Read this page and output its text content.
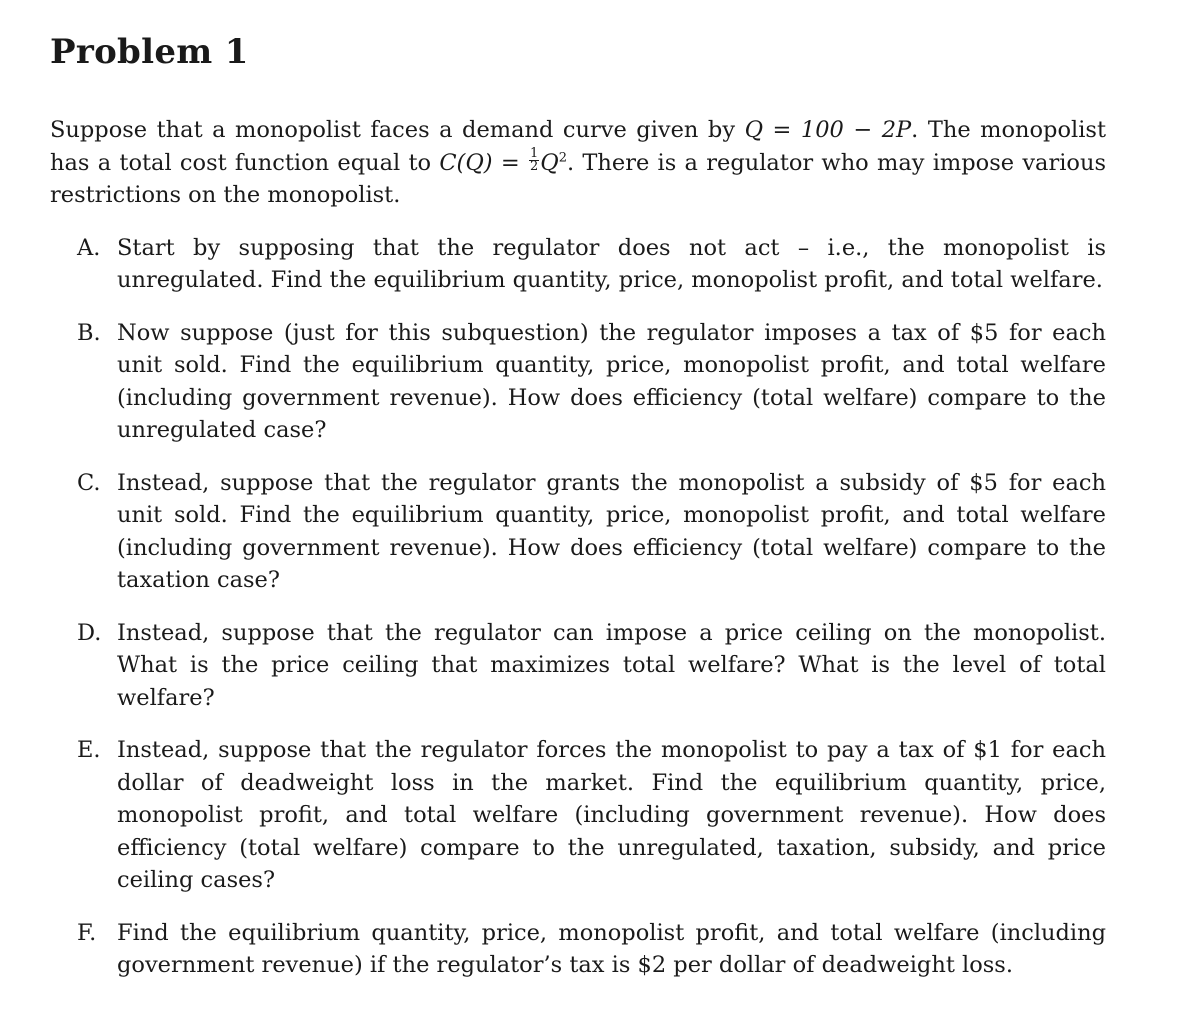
Problem 1

Suppose that a monopolist faces a demand curve given by Q = 100 − 2P. The monopolist has a total cost function equal to $C(Q) = \frac{1}{2} Q^2$. There is a regulator who may impose various restrictions on the monopolist.

A. Start by supposing that the regulator does not act – i.e., the monopolist is unregulated. Find the equilibrium quantity, price, monopolist profit, and total welfare.
B. Now suppose (just for this subquestion) the regulator imposes a tax of $5 for each unit sold. Find the equilibrium quantity, price, monopolist profit, and total welfare (including government revenue). How does efficiency (total welfare) compare to the unregulated case?
C. Instead, suppose that the regulator grants the monopolist a subsidy of $5 for each unit sold. Find the equilibrium quantity, price, monopolist profit, and total welfare (including government revenue). How does efficiency (total welfare) compare to the taxation case?
D. Instead, suppose that the regulator can impose a price ceiling on the monopolist. What is the price ceiling that maximizes total welfare? What is the level of total welfare?
E. Instead, suppose that the regulator forces the monopolist to pay a tax of $1 for each dollar of deadweight loss in the market. Find the equilibrium quantity, price, monopolist profit, and total welfare (including government revenue). How does efficiency (total welfare) compare to the unregulated, taxation, subsidy, and price ceiling cases?
F. Find the equilibrium quantity, price, monopolist profit, and total welfare (including government revenue) if the regulator’s tax is $2 per dollar of deadweight loss.
